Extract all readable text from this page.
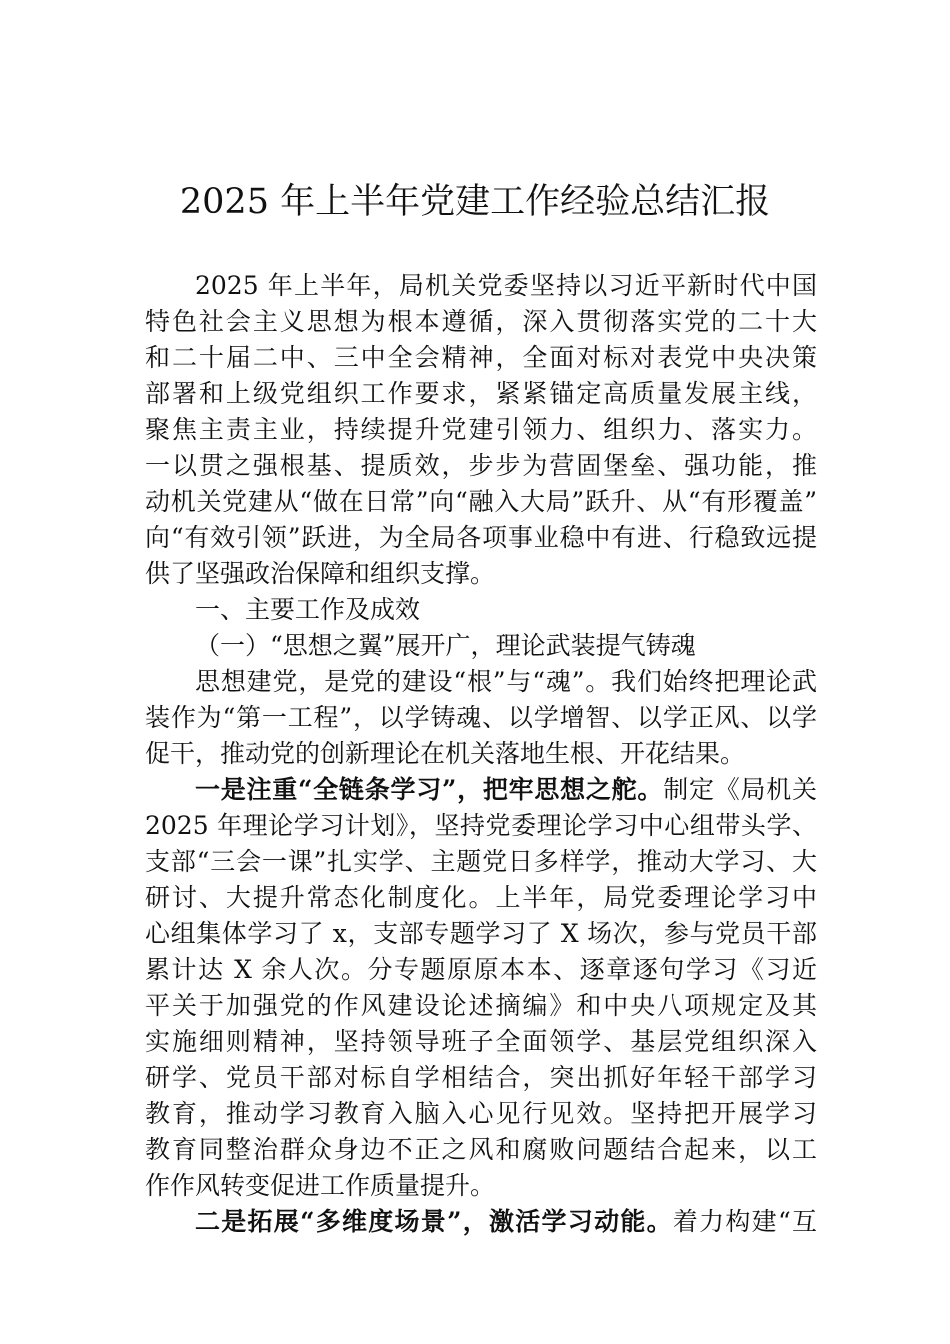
2025 年上半年党建工作经验总结汇报
2025 年上半年，局机关党委坚持以习近平新时代中国
特色社会主义思想为根本遵循，深入贯彻落实党的二十大
和二十届二中、三中全会精神，全面对标对表党中央决策
部署和上级党组织工作要求，紧紧锚定高质量发展主线，
聚焦主责主业，持续提升党建引领力、组织力、落实力。
一以贯之强根基、提质效，步步为营固堡垒、强功能，推
动机关党建从“做在日常”向“融入大局”跃升、从“有形覆盖”
向“有效引领”跃进，为全局各项事业稳中有进、行稳致远提
供了坚强政治保障和组织支撑。
一、主要工作及成效
（一）“思想之翼”展开广，理论武装提气铸魂
思想建党，是党的建设“根”与“魂”。我们始终把理论武
装作为“第一工程”，以学铸魂、以学增智、以学正风、以学
促干，推动党的创新理论在机关落地生根、开花结果。
一是注重“全链条学习”，把牢思想之舵。制定《局机关
2025 年理论学习计划》，坚持党委理论学习中心组带头学、
支部“三会一课”扎实学、主题党日多样学，推动大学习、大
研讨、大提升常态化制度化。上半年，局党委理论学习中
心组集体学习了 x，支部专题学习了 X 场次，参与党员干部
累计达 X 余人次。分专题原原本本、逐章逐句学习《习近
平关于加强党的作风建设论述摘编》和中央八项规定及其
实施细则精神，坚持领导班子全面领学、基层党组织深入
研学、党员干部对标自学相结合，突出抓好年轻干部学习
教育，推动学习教育入脑入心见行见效。坚持把开展学习
教育同整治群众身边不正之风和腐败问题结合起来，以工
作作风转变促进工作质量提升。
二是拓展“多维度场景”，激活学习动能。着力构建“互
